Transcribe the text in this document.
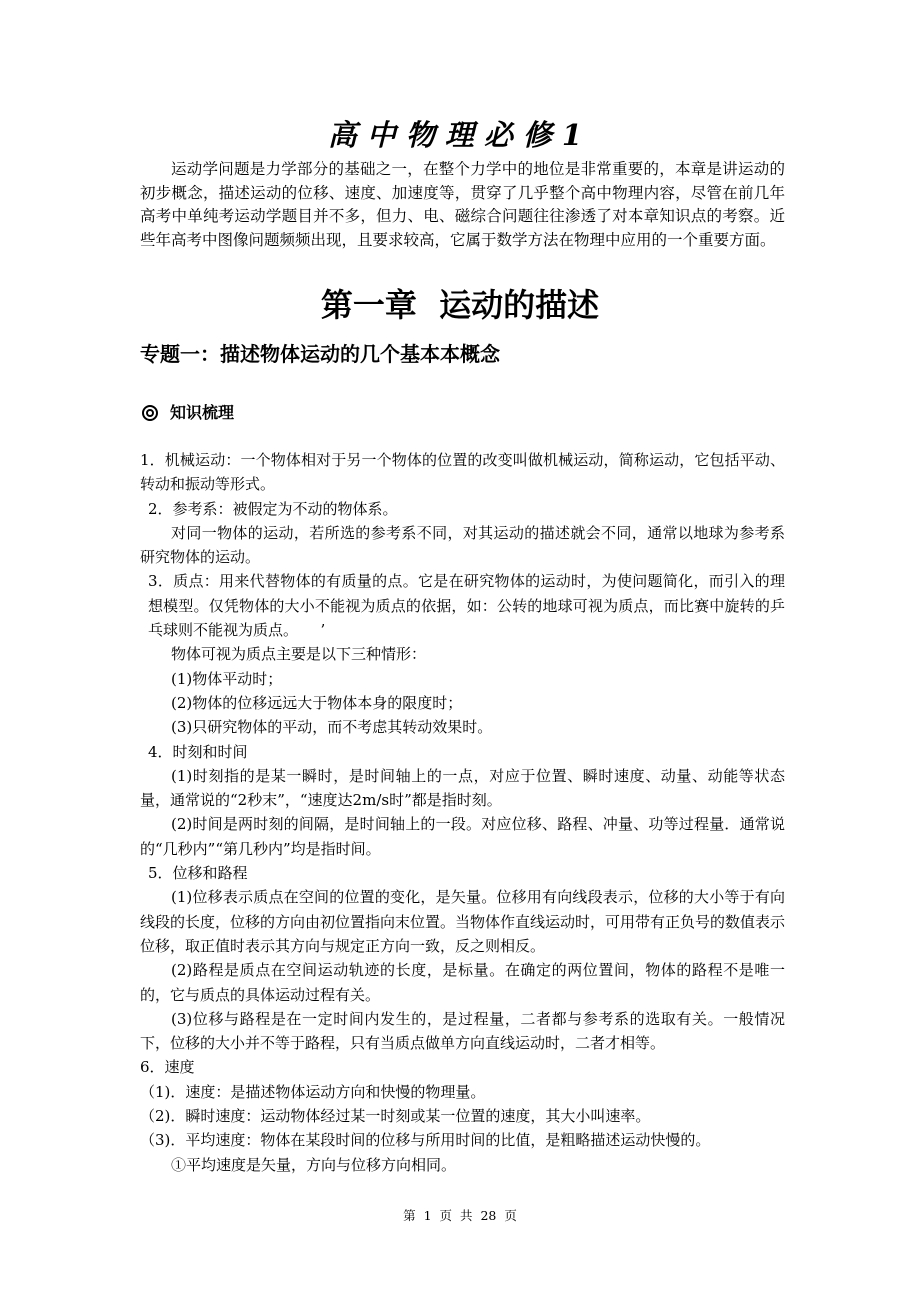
高中物理必修1

运动学问题是力学部分的基础之一，在整个力学中的地位是非常重要的，本章是讲运动的初步概念，描述运动的位移、速度、加速度等，贯穿了几乎整个高中物理内容，尽管在前几年高考中单纯考运动学题目并不多，但力、电、磁综合问题往往渗透了对本章知识点的考察。近些年高考中图像问题频频出现，且要求较高，它属于数学方法在物理中应用的一个重要方面。

第一章  运动的描述
专题一：描述物体运动的几个基本本概念
知识梳理

1．机械运动：一个物体相对于另一个物体的位置的改变叫做机械运动，简称运动，它包括平动、转动和振动等形式。

2．参考系：被假定为不动的物体系。

对同一物体的运动，若所选的参考系不同，对其运动的描述就会不同，通常以地球为参考系研究物体的运动。

3．质点：用来代替物体的有质量的点。它是在研究物体的运动时，为使问题简化，而引入的理想模型。仅凭物体的大小不能视为质点的依据，如：公转的地球可视为质点，而比赛中旋转的乒乓球则不能视为质点。　　’

物体可视为质点主要是以下三种情形：

(1)物体平动时；

(2)物体的位移远远大于物体本身的限度时；

(3)只研究物体的平动，而不考虑其转动效果时。

4．时刻和时间

(1)时刻指的是某一瞬时，是时间轴上的一点，对应于位置、瞬时速度、动量、动能等状态量，通常说的“2秒末”，“速度达2m/s时”都是指时刻。

(2)时间是两时刻的间隔，是时间轴上的一段。对应位移、路程、冲量、功等过程量．通常说的“几秒内”“第几秒内”均是指时间。

5．位移和路程

(1)位移表示质点在空间的位置的变化，是矢量。位移用有向线段表示，位移的大小等于有向线段的长度，位移的方向由初位置指向末位置。当物体作直线运动时，可用带有正负号的数值表示位移，取正值时表示其方向与规定正方向一致，反之则相反。

(2)路程是质点在空间运动轨迹的长度，是标量。在确定的两位置间，物体的路程不是唯一的，它与质点的具体运动过程有关。

(3)位移与路程是在一定时间内发生的，是过程量，二者都与参考系的选取有关。一般情况下，位移的大小并不等于路程，只有当质点做单方向直线运动时，二者才相等。

6．速度

（1)．速度：是描述物体运动方向和快慢的物理量。

（2)．瞬时速度：运动物体经过某一时刻或某一位置的速度，其大小叫速率。

（3)．平均速度：物体在某段时间的位移与所用时间的比值，是粗略描述运动快慢的。

①平均速度是矢量，方向与位移方向相同。

第 1 页 共 28 页
